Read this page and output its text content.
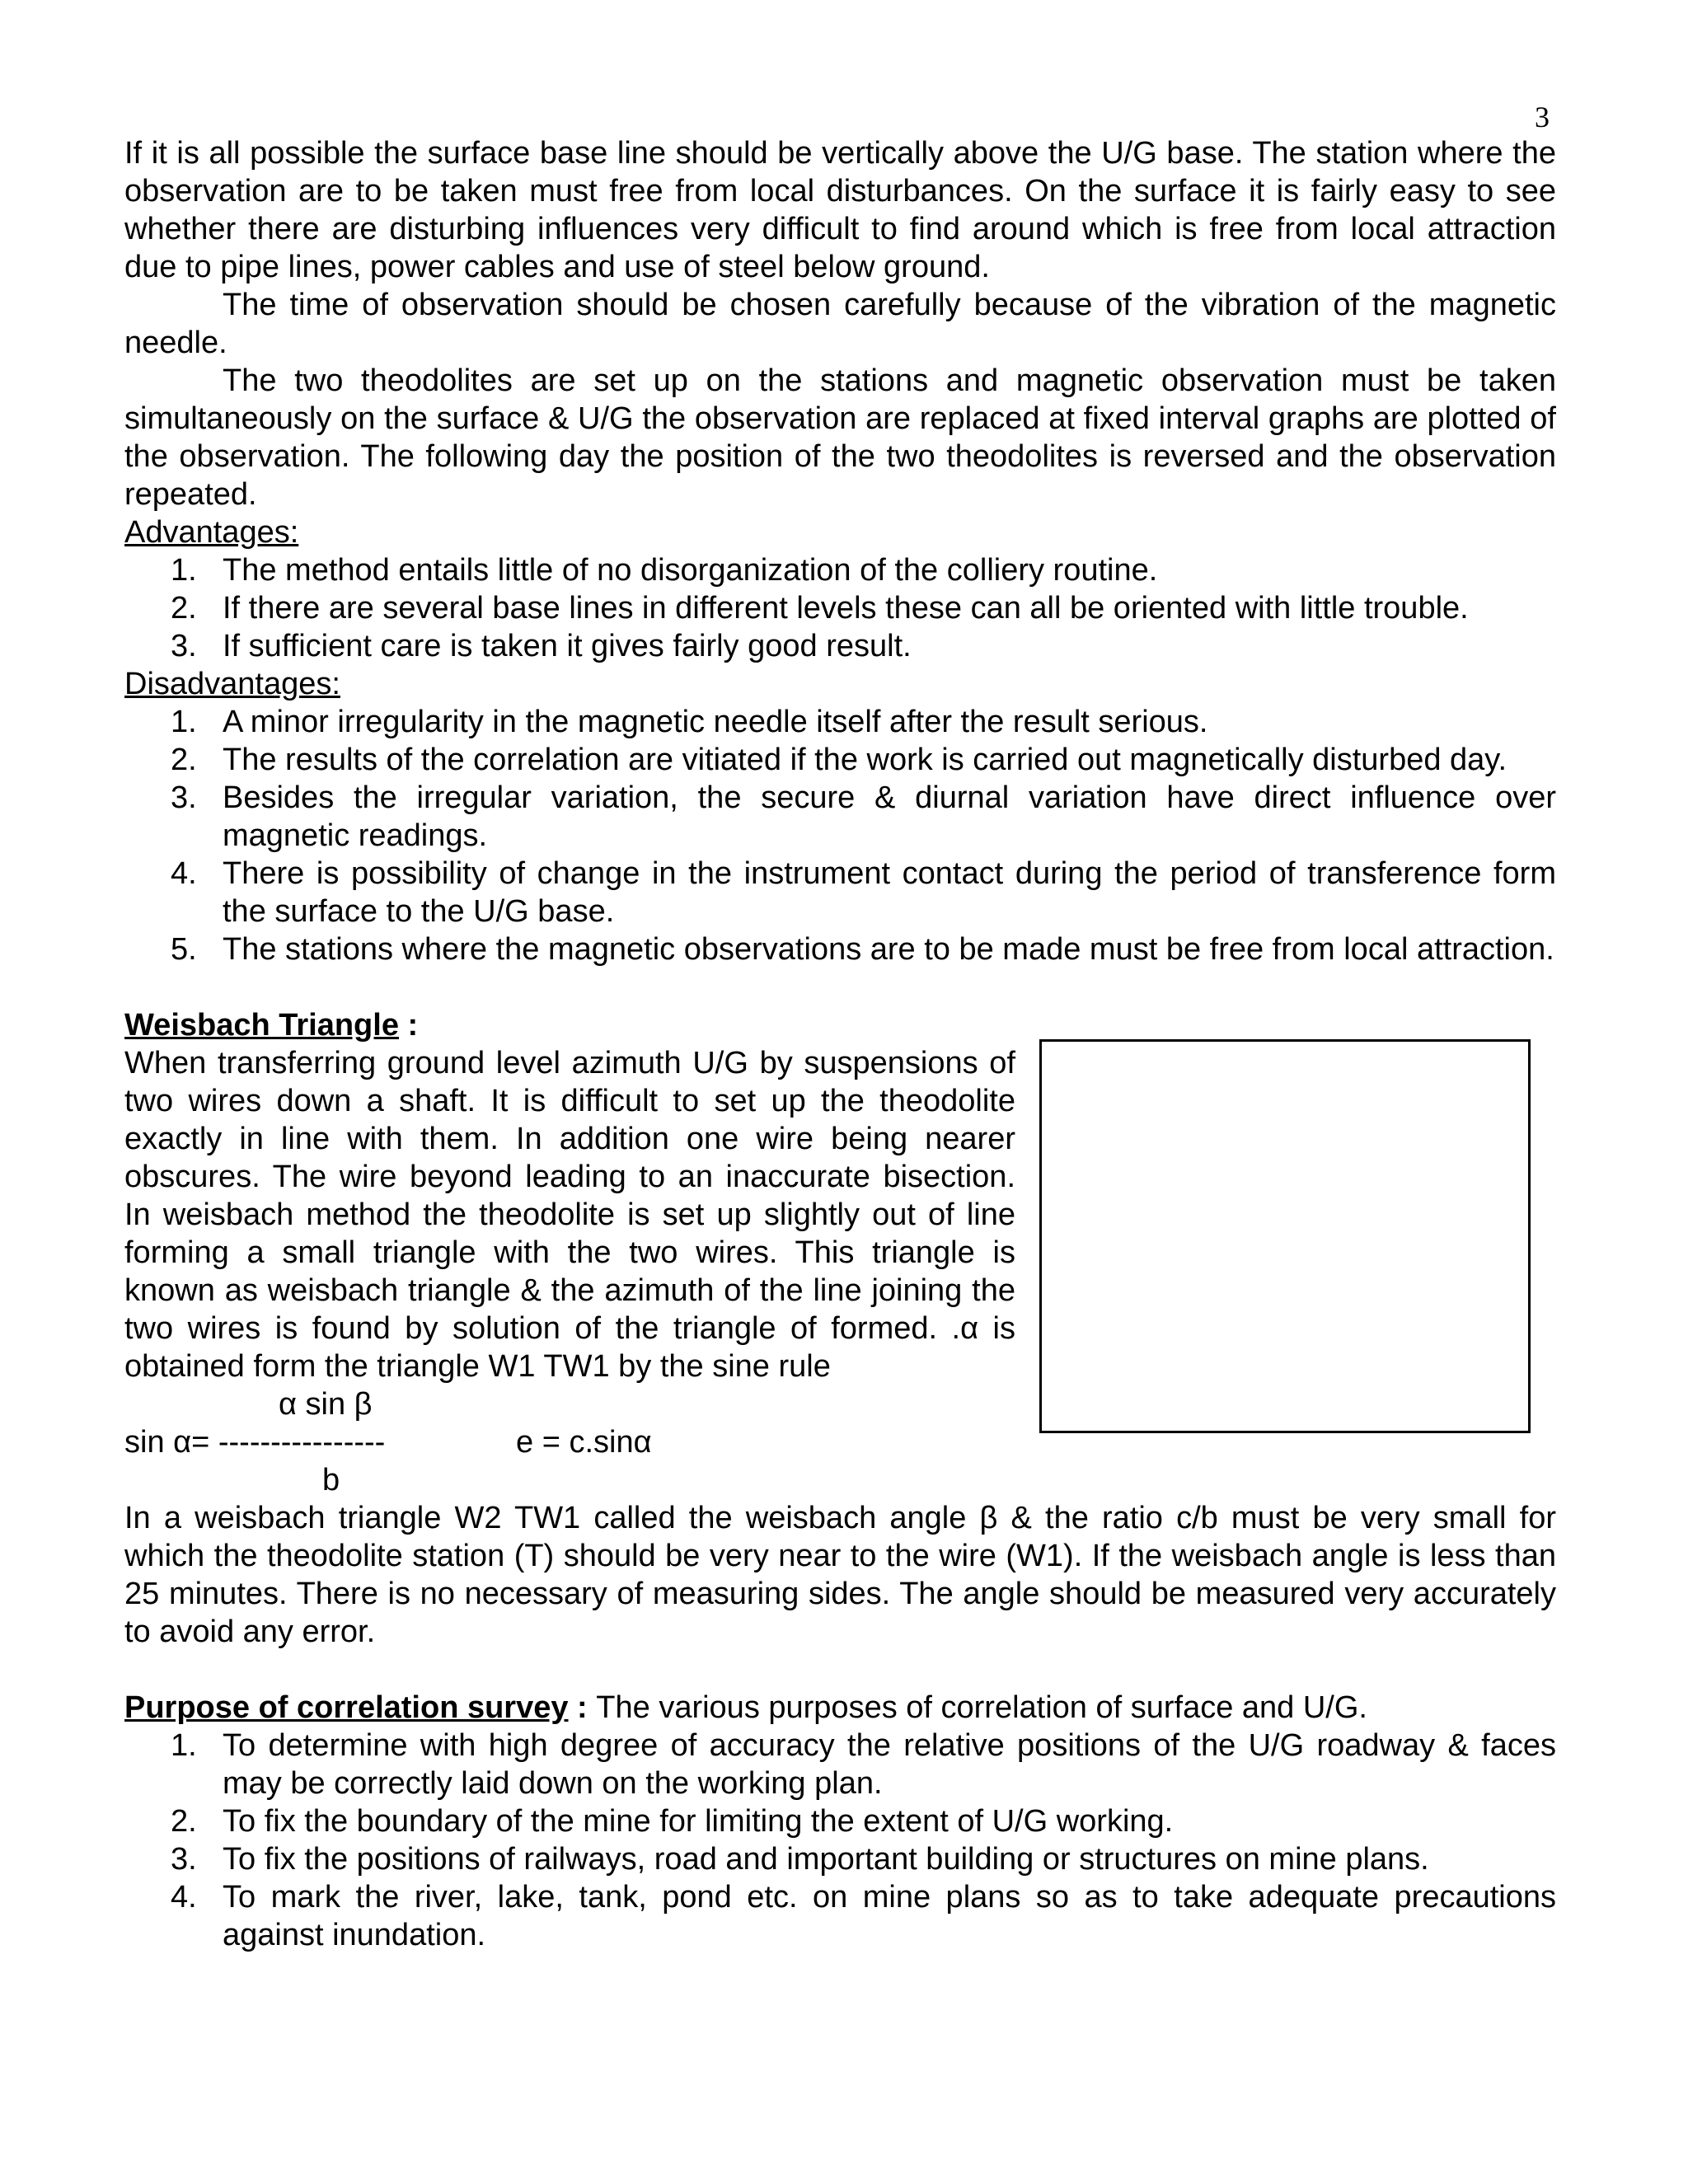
3

If it is all possible the surface base line should be vertically above the U/G base. The station where the observation are to be taken must free from local disturbances. On the surface it is fairly easy to see whether there are disturbing influences very difficult to find around which is free from local attraction due to pipe lines, power cables and use of steel below ground.

The time of observation should be chosen carefully because of the vibration of the magnetic needle.

The two theodolites are set up on the stations and magnetic observation must be taken simultaneously on the surface & U/G the observation are replaced at fixed interval graphs are plotted of the observation. The following day the position of the two theodolites is reversed and the observation repeated.

Advantages:

1. The method entails little of no disorganization of the colliery routine.
2. If there are several base lines in different levels these can all be oriented with little trouble.
3. If sufficient care is taken it gives fairly good result.

Disadvantages:

1. A minor irregularity in the magnetic needle itself after the result serious.
2. The results of the correlation are vitiated if the work is carried out magnetically disturbed day.
3. Besides the irregular variation, the secure & diurnal variation have direct influence over magnetic readings.
4. There is possibility of change in the instrument contact during the period of transference form the surface to the U/G base.
5. The stations where the magnetic observations are to be made must be free from local attraction.

Weisbach Triangle :

When transferring ground level azimuth U/G by suspensions of two wires down a shaft. It is difficult to set up the theodolite exactly in line with them. In addition one wire being nearer obscures. The wire beyond leading to an inaccurate bisection. In weisbach method the theodolite is set up slightly out of line forming a small triangle with the two wires. This triangle is known as weisbach triangle & the azimuth of the line joining the two wires is found by solution of the triangle of formed. .α is obtained form the triangle W1 TW1 by the sine rule

α sin β
sin α= ----------------	e = c.sinα
b

In a weisbach triangle W2 TW1 called the weisbach angle β & the ratio c/b must be very small for which the theodolite station (T) should be very near to the wire (W1). If the weisbach angle is less than 25 minutes. There is no necessary of measuring sides. The angle should be measured very accurately to avoid any error.

Purpose of correlation survey : The various purposes of correlation of surface and U/G.

1. To determine with high degree of accuracy the relative positions of the U/G roadway & faces may be correctly laid down on the working plan.
2. To fix the boundary of the mine for limiting the extent of U/G working.
3. To fix the positions of railways, road and important building or structures on mine plans.
4. To mark the river, lake, tank, pond etc. on mine plans so as to take adequate precautions against inundation.
